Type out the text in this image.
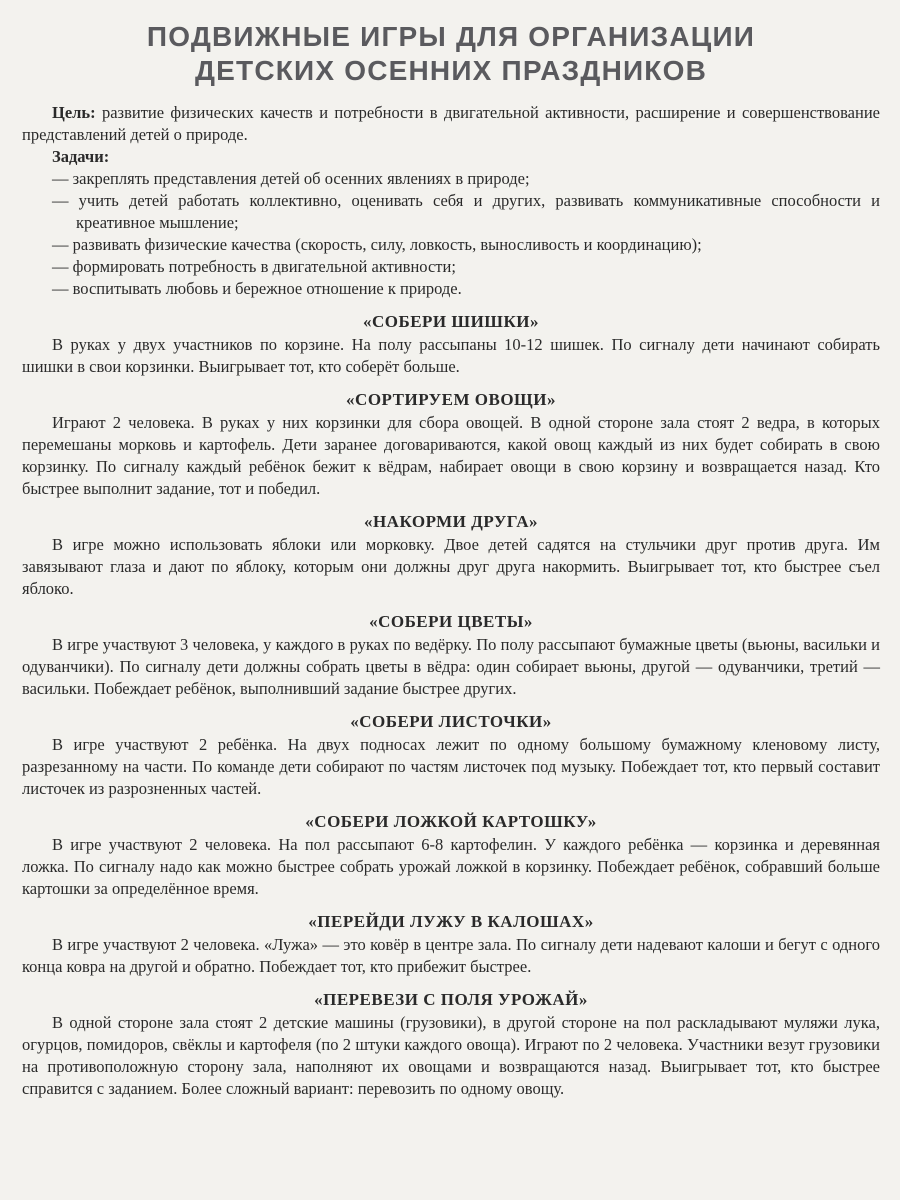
ПОДВИЖНЫЕ ИГРЫ ДЛЯ ОРГАНИЗАЦИИ
ДЕТСКИХ ОСЕННИХ ПРАЗДНИКОВ

Цель: развитие физических качеств и потребности в двигательной активности, расширение и совершенствование представлений детей о природе.

Задачи:

— закреплять представления детей об осенних явлениях в природе;
— учить детей работать коллективно, оценивать себя и других, развивать коммуникативные способности и креативное мышление;
— развивать физические качества (скорость, силу, ловкость, выносливость и координацию);
— формировать потребность в двигательной активности;
— воспитывать любовь и бережное отношение к природе.
«СОБЕРИ ШИШКИ»

В руках у двух участников по корзине. На полу рассыпаны 10-12 шишек. По сигналу дети начинают собирать шишки в свои корзинки. Выигрывает тот, кто соберёт больше.

«СОРТИРУЕМ ОВОЩИ»

Играют 2 человека. В руках у них корзинки для сбора овощей. В одной стороне зала стоят 2 ведра, в которых перемешаны морковь и картофель. Дети заранее договариваются, какой овощ каждый из них будет собирать в свою корзинку. По сигналу каждый ребёнок бежит к вёдрам, набирает овощи в свою корзину и возвращается назад. Кто быстрее выполнит задание, тот и победил.

«НАКОРМИ ДРУГА»

В игре можно использовать яблоки или морковку. Двое детей садятся на стульчики друг против друга. Им завязывают глаза и дают по яблоку, которым они должны друг друга накормить. Выигрывает тот, кто быстрее съел яблоко.

«СОБЕРИ ЦВЕТЫ»

В игре участвуют 3 человека, у каждого в руках по ведёрку. По полу рассыпают бумажные цветы (вьюны, васильки и одуванчики). По сигналу дети должны собрать цветы в вёдра: один собирает вьюны, другой — одуванчики, третий — васильки. Побеждает ребёнок, выполнивший задание быстрее других.

«СОБЕРИ ЛИСТОЧКИ»

В игре участвуют 2 ребёнка. На двух подносах лежит по одному большому бумажному кленовому листу, разрезанному на части. По команде дети собирают по частям листочек под музыку. Побеждает тот, кто первый составит листочек из разрозненных частей.

«СОБЕРИ ЛОЖКОЙ КАРТОШКУ»

В игре участвуют 2 человека. На пол рассыпают 6-8 картофелин. У каждого ребёнка — корзинка и деревянная ложка. По сигналу надо как можно быстрее собрать урожай ложкой в корзинку. Побеждает ребёнок, собравший больше картошки за определённое время.

«ПЕРЕЙДИ ЛУЖУ В КАЛОШАХ»

В игре участвуют 2 человека. «Лужа» — это ковёр в центре зала. По сигналу дети надевают калоши и бегут с одного конца ковра на другой и обратно. Побеждает тот, кто прибежит быстрее.

«ПЕРЕВЕЗИ С ПОЛЯ УРОЖАЙ»

В одной стороне зала стоят 2 детские машины (грузовики), в другой стороне на пол раскладывают муляжи лука, огурцов, помидоров, свёклы и картофеля (по 2 штуки каждого овоща). Играют по 2 человека. Участники везут грузовики на противоположную сторону зала, наполняют их овощами и возвращаются назад. Выигрывает тот, кто быстрее справится с заданием. Более сложный вариант: перевозить по одному овощу.
